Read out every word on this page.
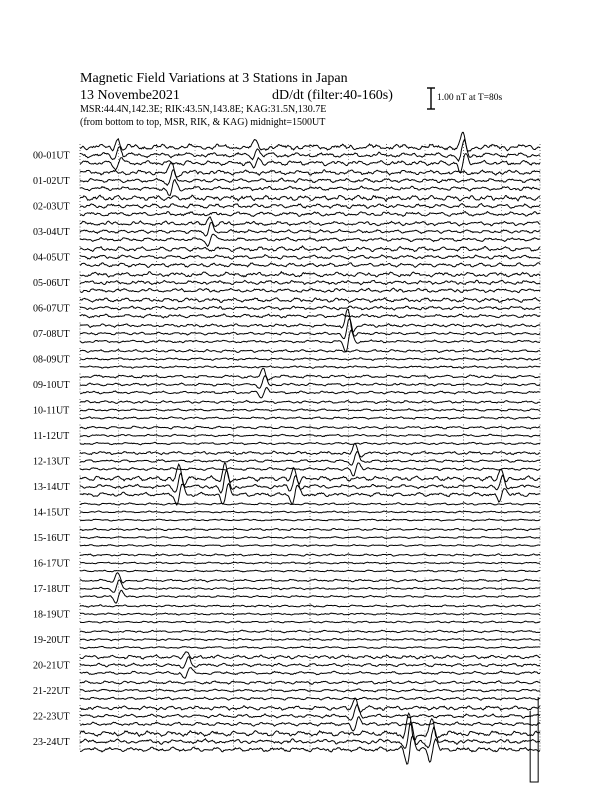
Magnetic Field Variations at 3 Stations in Japan
13 Novembe2021	dD/dt (filter:40-160s)
MSR:44.4N,142.3E; RIK:43.5N,143.8E; KAG:31.5N,130.7E
(from bottom to top, MSR, RIK, & KAG) midnight=1500UT
1.00 nT at T=80s
00-01UT
01-02UT
02-03UT
03-04UT
04-05UT
05-06UT
06-07UT
07-08UT
08-09UT
09-10UT
10-11UT
11-12UT
12-13UT
13-14UT
14-15UT
15-16UT
16-17UT
17-18UT
18-19UT
19-20UT
20-21UT
21-22UT
22-23UT
23-24UT
